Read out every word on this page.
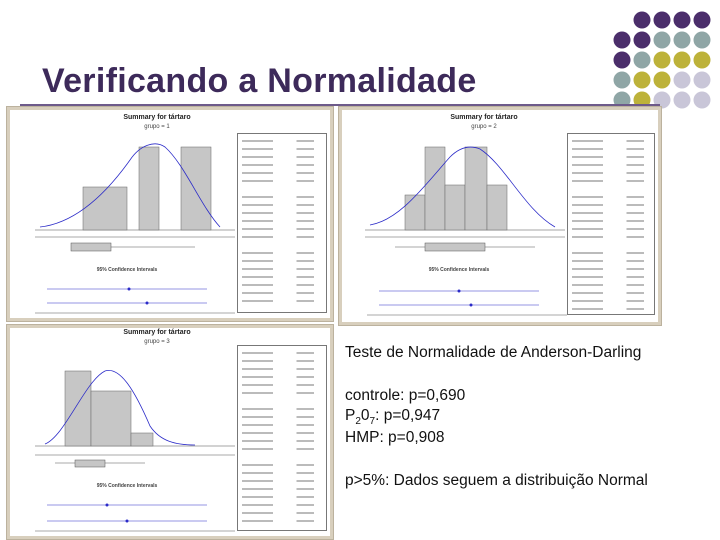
Verificando a Normalidade
Summary for tártaro
grupo = 1
95% Confidence Intervals
Summary for tártaro
grupo = 2
95% Confidence Intervals
Summary for tártaro
grupo = 3
95% Confidence Intervals
Teste de Normalidade de Anderson-Darling
controle: p=0,690
$P_20_7$: p=0,947
HMP: p=0,908
p>5%: Dados seguem a distribuição Normal
